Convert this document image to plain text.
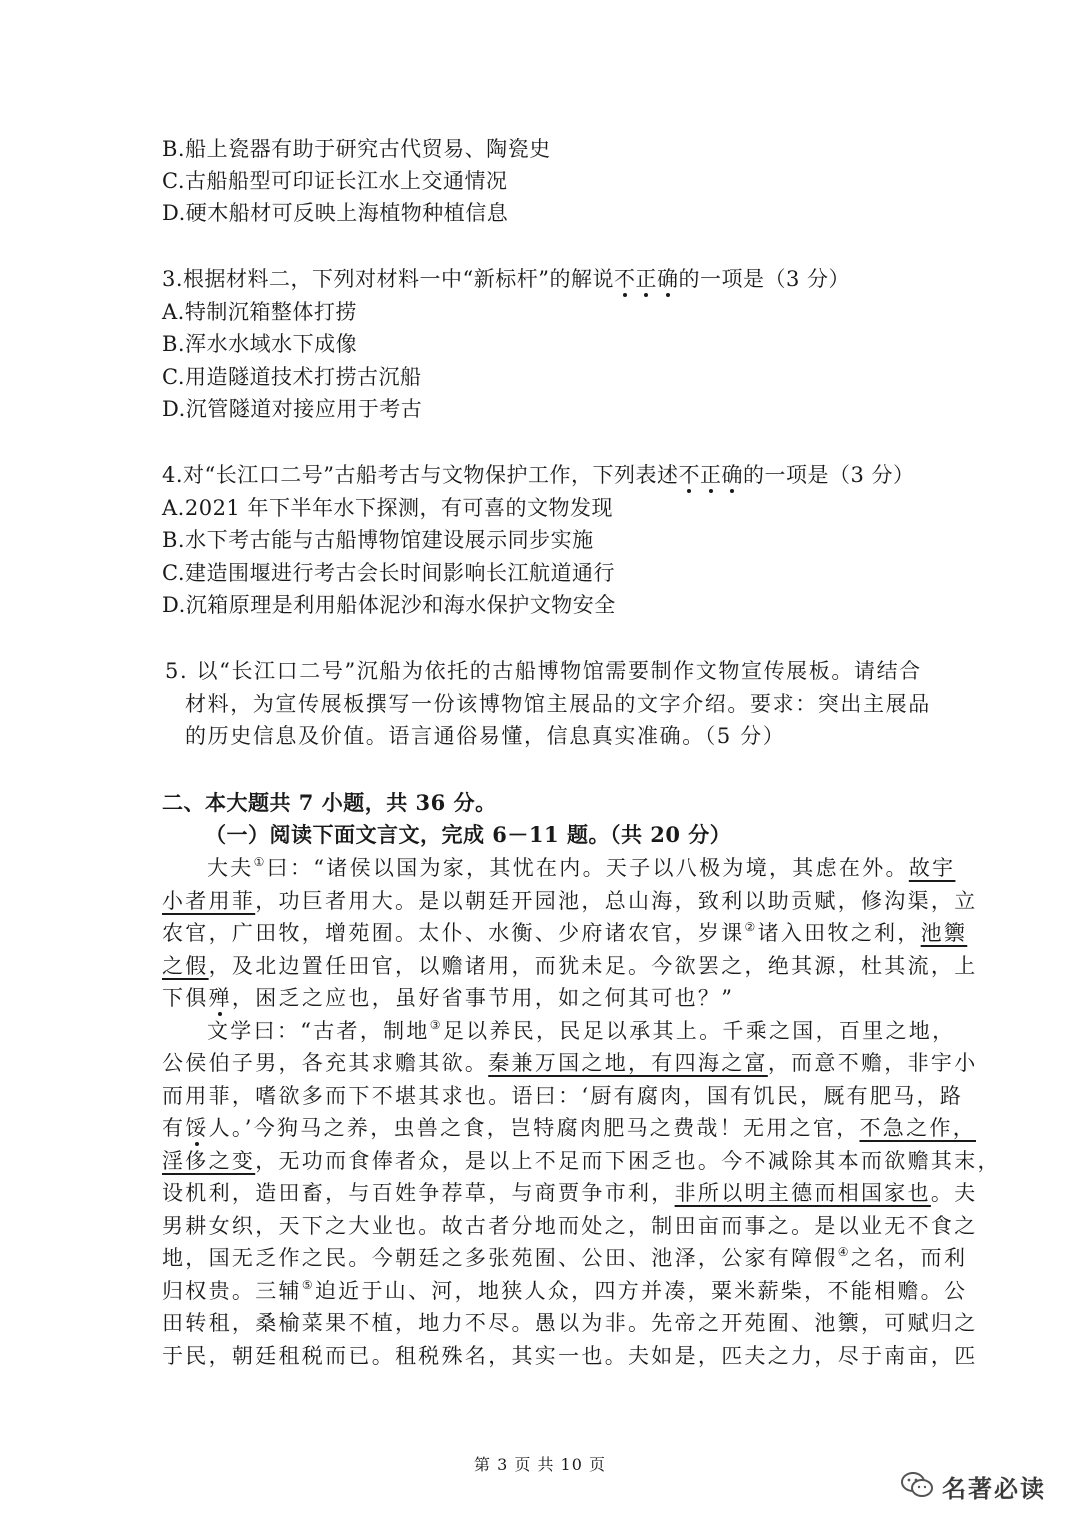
B.船上瓷器有助于研究古代贸易、陶瓷史
C.古船船型可印证长江水上交通情况
D.硬木船材可反映上海植物种植信息
3.根据材料二，下列对材料一中“新标杆”的解说不正确的一项是（3 分）
A.特制沉箱整体打捞
B.浑水水域水下成像
C.用造隧道技术打捞古沉船
D.沉管隧道对接应用于考古
4.对“长江口二号”古船考古与文物保护工作，下列表述不正确的一项是（3 分）
A.2021 年下半年水下探测，有可喜的文物发现
B.水下考古能与古船博物馆建设展示同步实施
C.建造围堰进行考古会长时间影响长江航道通行
D.沉箱原理是利用船体泥沙和海水保护文物安全
5. 以“长江口二号”沉船为依托的古船博物馆需要制作文物宣传展板。请结合
材料，为宣传展板撰写一份该博物馆主展品的文字介绍。要求：突出主展品
的历史信息及价值。语言通俗易懂，信息真实准确。（5 分）
二、本大题共 7 小题，共 36 分。
（一）阅读下面文言文，完成 6－11 题。（共 20 分）
大夫①曰：“诸侯以国为家，其忧在内。天子以八极为境，其虑在外。故宇
小者用菲，功巨者用大。是以朝廷开园池，总山海，致利以助贡赋，修沟渠，立
农官，广田牧，增苑囿。太仆、水衡、少府诸农官，岁课②诸入田牧之利，池籞
之假，及北边置任田官，以赡诸用，而犹未足。今欲罢之，绝其源，杜其流，上
下俱殚，困乏之应也，虽好省事节用，如之何其可也？”
文学曰：“古者，制地③足以养民，民足以承其上。千乘之国，百里之地，
公侯伯子男，各充其求赡其欲。秦兼万国之地，有四海之富，而意不赡，非宇小
而用菲，嗜欲多而下不堪其求也。语曰：‘厨有腐肉，国有饥民，厩有肥马，路
有馁人。’今狗马之养，虫兽之食，岂特腐肉肥马之费哉！无用之官，不急之作，
淫侈之变，无功而食俸者众，是以上不足而下困乏也。今不减除其本而欲赡其末，
设机利，造田畜，与百姓争荐草，与商贾争市利，非所以明主德而相国家也。夫
男耕女织，天下之大业也。故古者分地而处之，制田亩而事之。是以业无不食之
地，国无乏作之民。今朝廷之多张苑囿、公田、池泽，公家有障假④之名，而利
归权贵。三辅⑤迫近于山、河，地狭人众，四方并凑，粟米薪柴，不能相赡。公
田转租，桑榆菜果不植，地力不尽。愚以为非。先帝之开苑囿、池籞，可赋归之
于民，朝廷租税而已。租税殊名，其实一也。夫如是，匹夫之力，尽于南亩，匹
第 3 页 共 10 页
名著必读
